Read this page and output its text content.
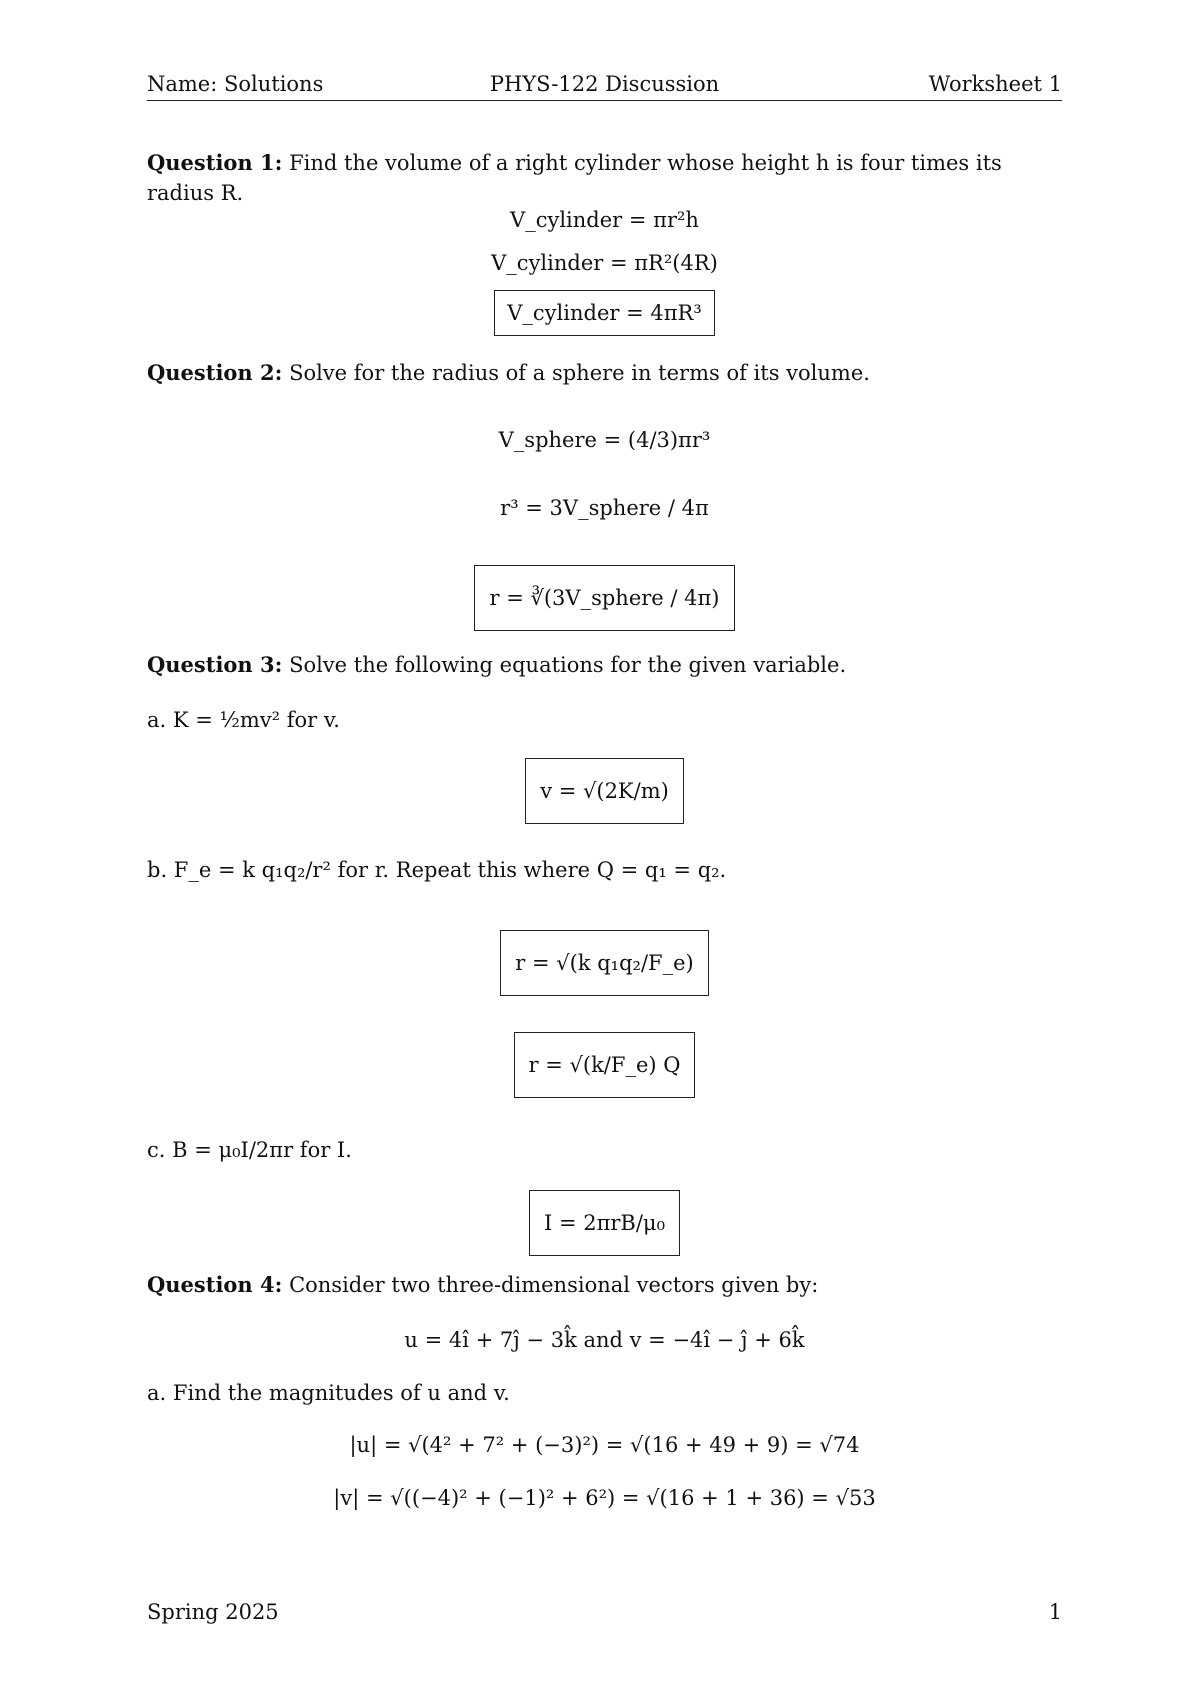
Name: Solutions	PHYS-122 Discussion	Worksheet 1
Question 1: Find the volume of a right cylinder whose height h is four times its radius R.
V_cylinder = πr²h
V_cylinder = πR²(4R)
V_cylinder = 4πR³
Question 2: Solve for the radius of a sphere in terms of its volume.
V_sphere = (4/3)πr³
r³ = 3V_sphere / 4π
r = ∛(3V_sphere / 4π)
Question 3: Solve the following equations for the given variable.
a. K = ½mv² for v.
v = √(2K/m)
b. F_e = k q₁q₂/r² for r. Repeat this where Q = q₁ = q₂.
r = √(k q₁q₂/F_e)
r = √(k/F_e) Q
c. B = μ₀I/2πr for I.
I = 2πrB/μ₀
Question 4: Consider two three-dimensional vectors given by:
u = 4î + 7ĵ − 3k̂ and v = −4î − ĵ + 6k̂
a. Find the magnitudes of u and v.
|u| = √(4² + 7² + (−3)²) = √(16 + 49 + 9) = √74
|v| = √((−4)² + (−1)² + 6²) = √(16 + 1 + 36) = √53
Spring 2025	1
